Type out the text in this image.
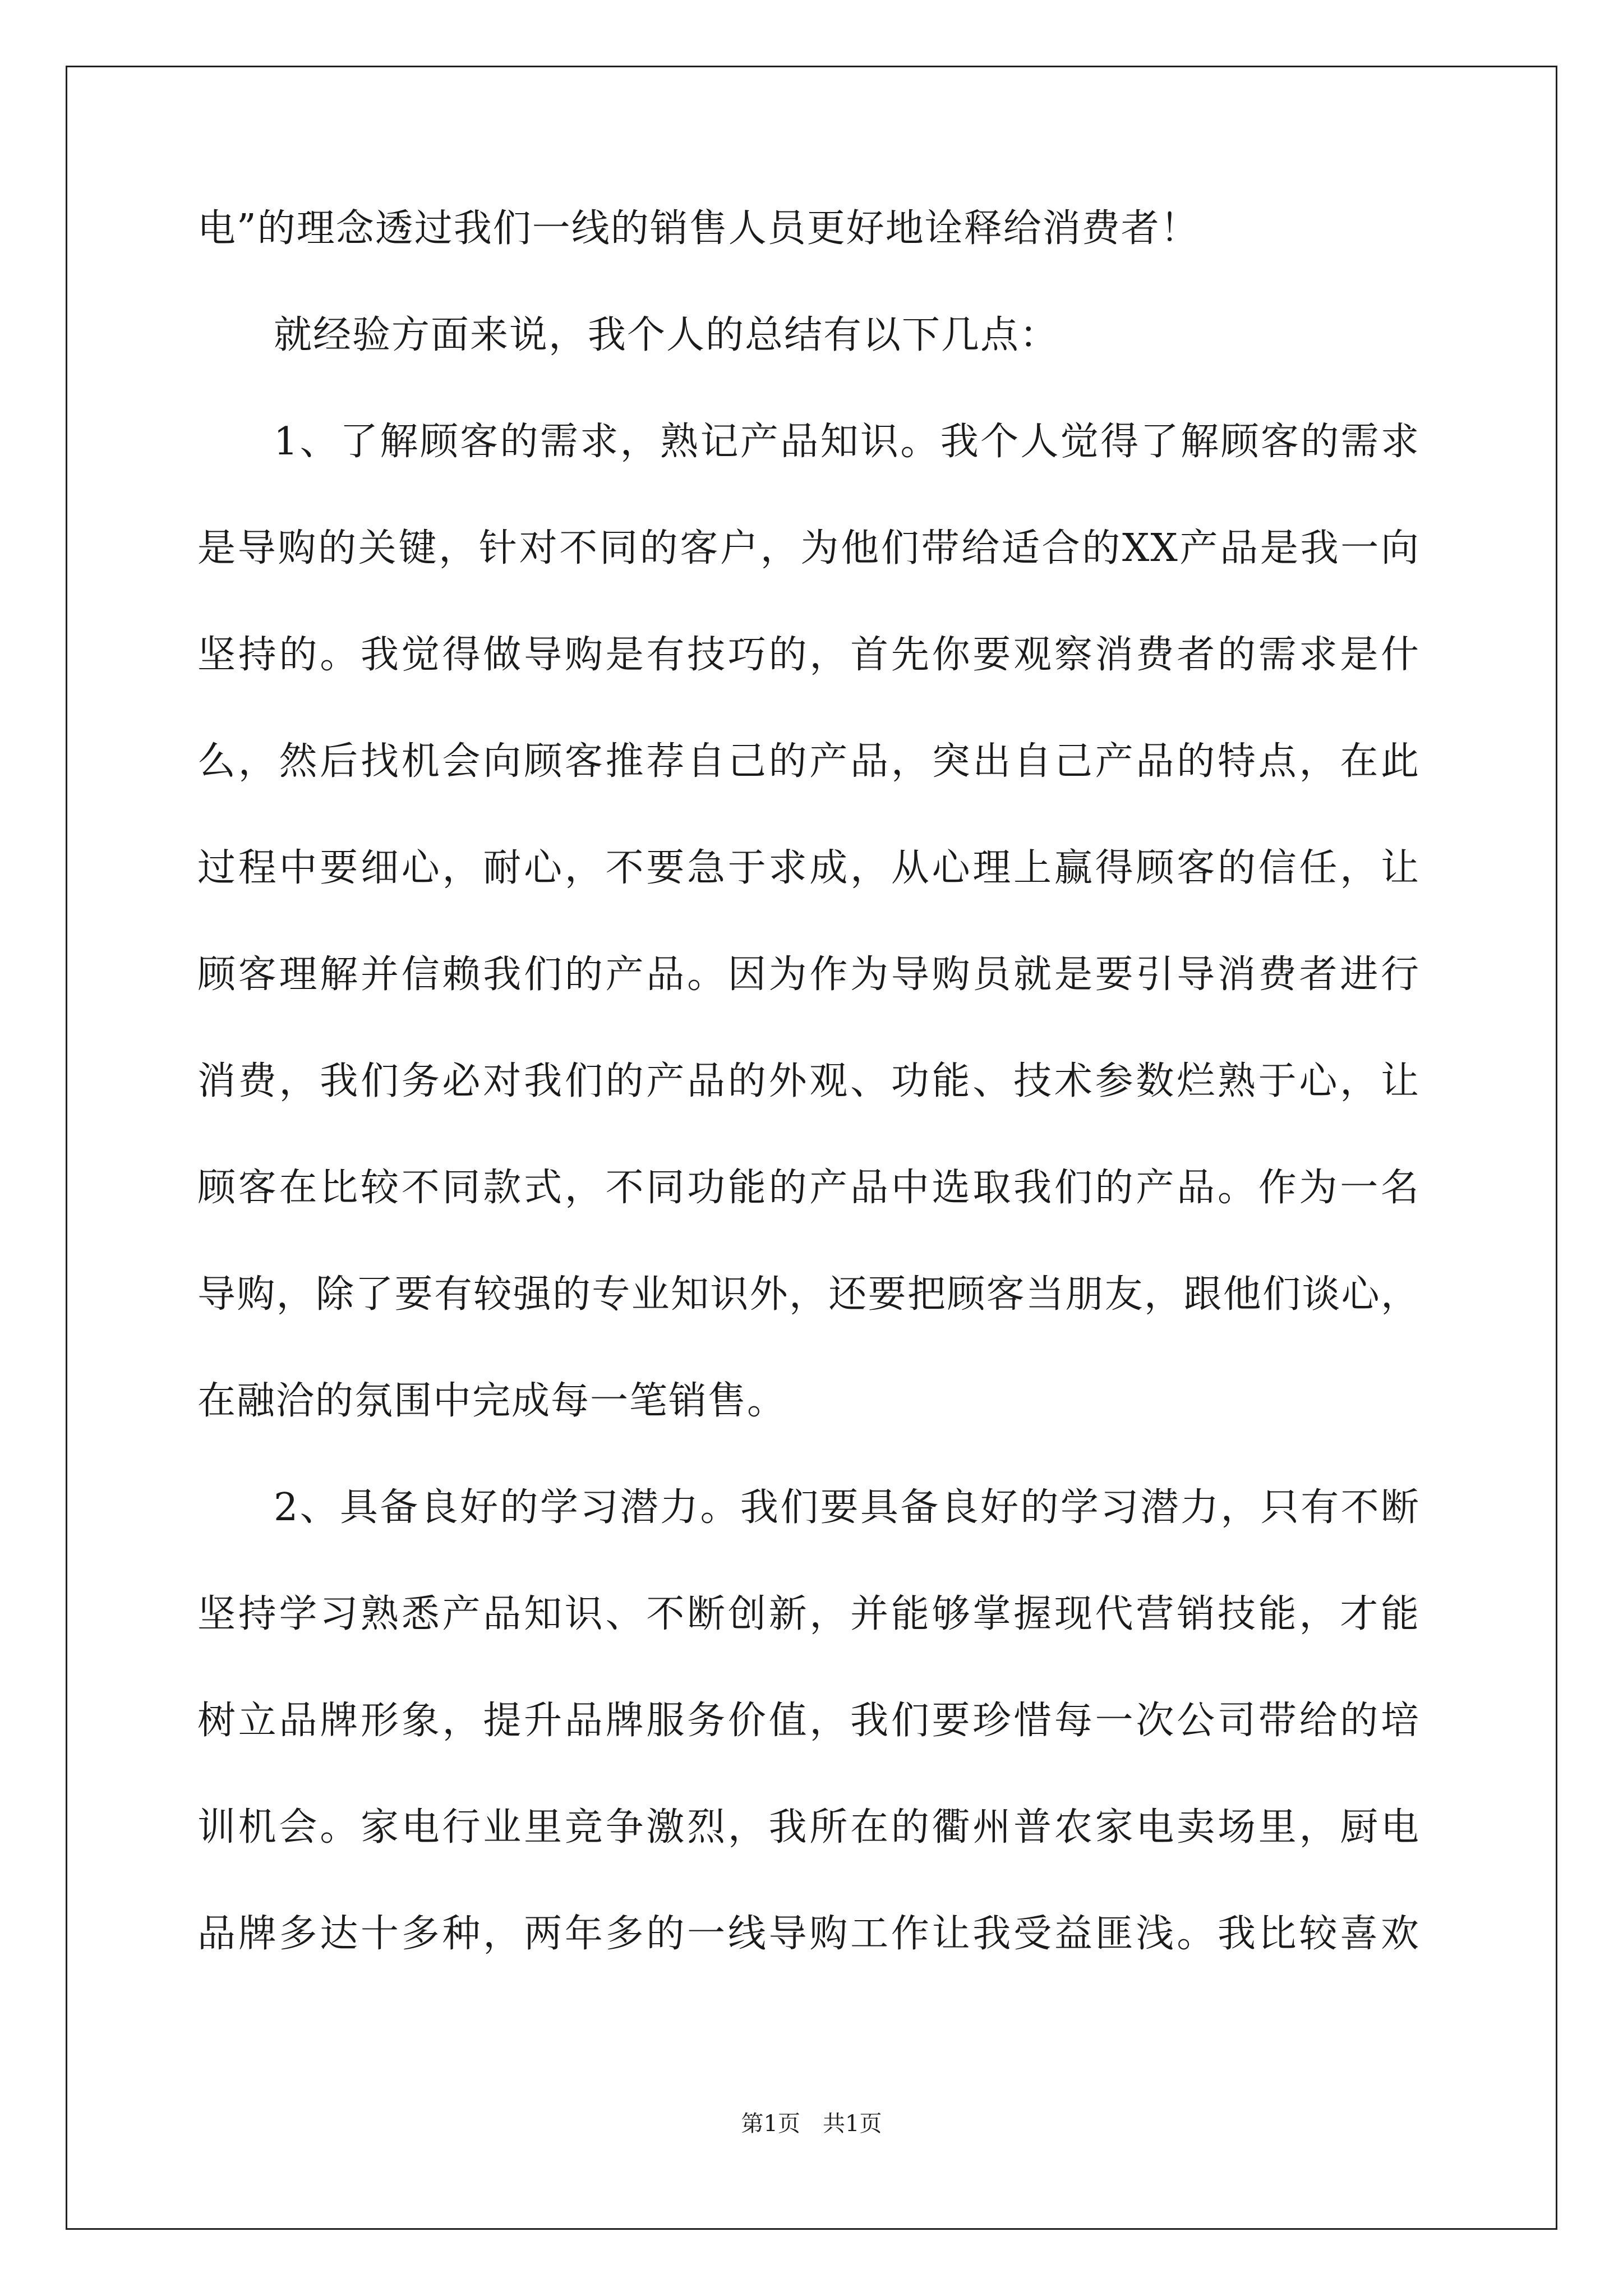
电”的理念透过我们一线的销售人员更好地诠释给消费者！
就经验方面来说，我个人的总结有以下几点：
1、了解顾客的需求，熟记产品知识。我个人觉得了解顾客的需求
是导购的关键，针对不同的客户，为他们带给适合的XX产品是我一向
坚持的。我觉得做导购是有技巧的，首先你要观察消费者的需求是什
么，然后找机会向顾客推荐自己的产品，突出自己产品的特点，在此
过程中要细心，耐心，不要急于求成，从心理上赢得顾客的信任，让
顾客理解并信赖我们的产品。因为作为导购员就是要引导消费者进行
消费，我们务必对我们的产品的外观、功能、技术参数烂熟于心，让
顾客在比较不同款式，不同功能的产品中选取我们的产品。作为一名
导购，除了要有较强的专业知识外，还要把顾客当朋友，跟他们谈心，
在融洽的氛围中完成每一笔销售。
2、具备良好的学习潜力。我们要具备良好的学习潜力，只有不断
坚持学习熟悉产品知识、不断创新，并能够掌握现代营销技能，才能
树立品牌形象，提升品牌服务价值，我们要珍惜每一次公司带给的培
训机会。家电行业里竞争激烈，我所在的衢州普农家电卖场里，厨电
品牌多达十多种，两年多的一线导购工作让我受益匪浅。我比较喜欢
第1页　共1页
